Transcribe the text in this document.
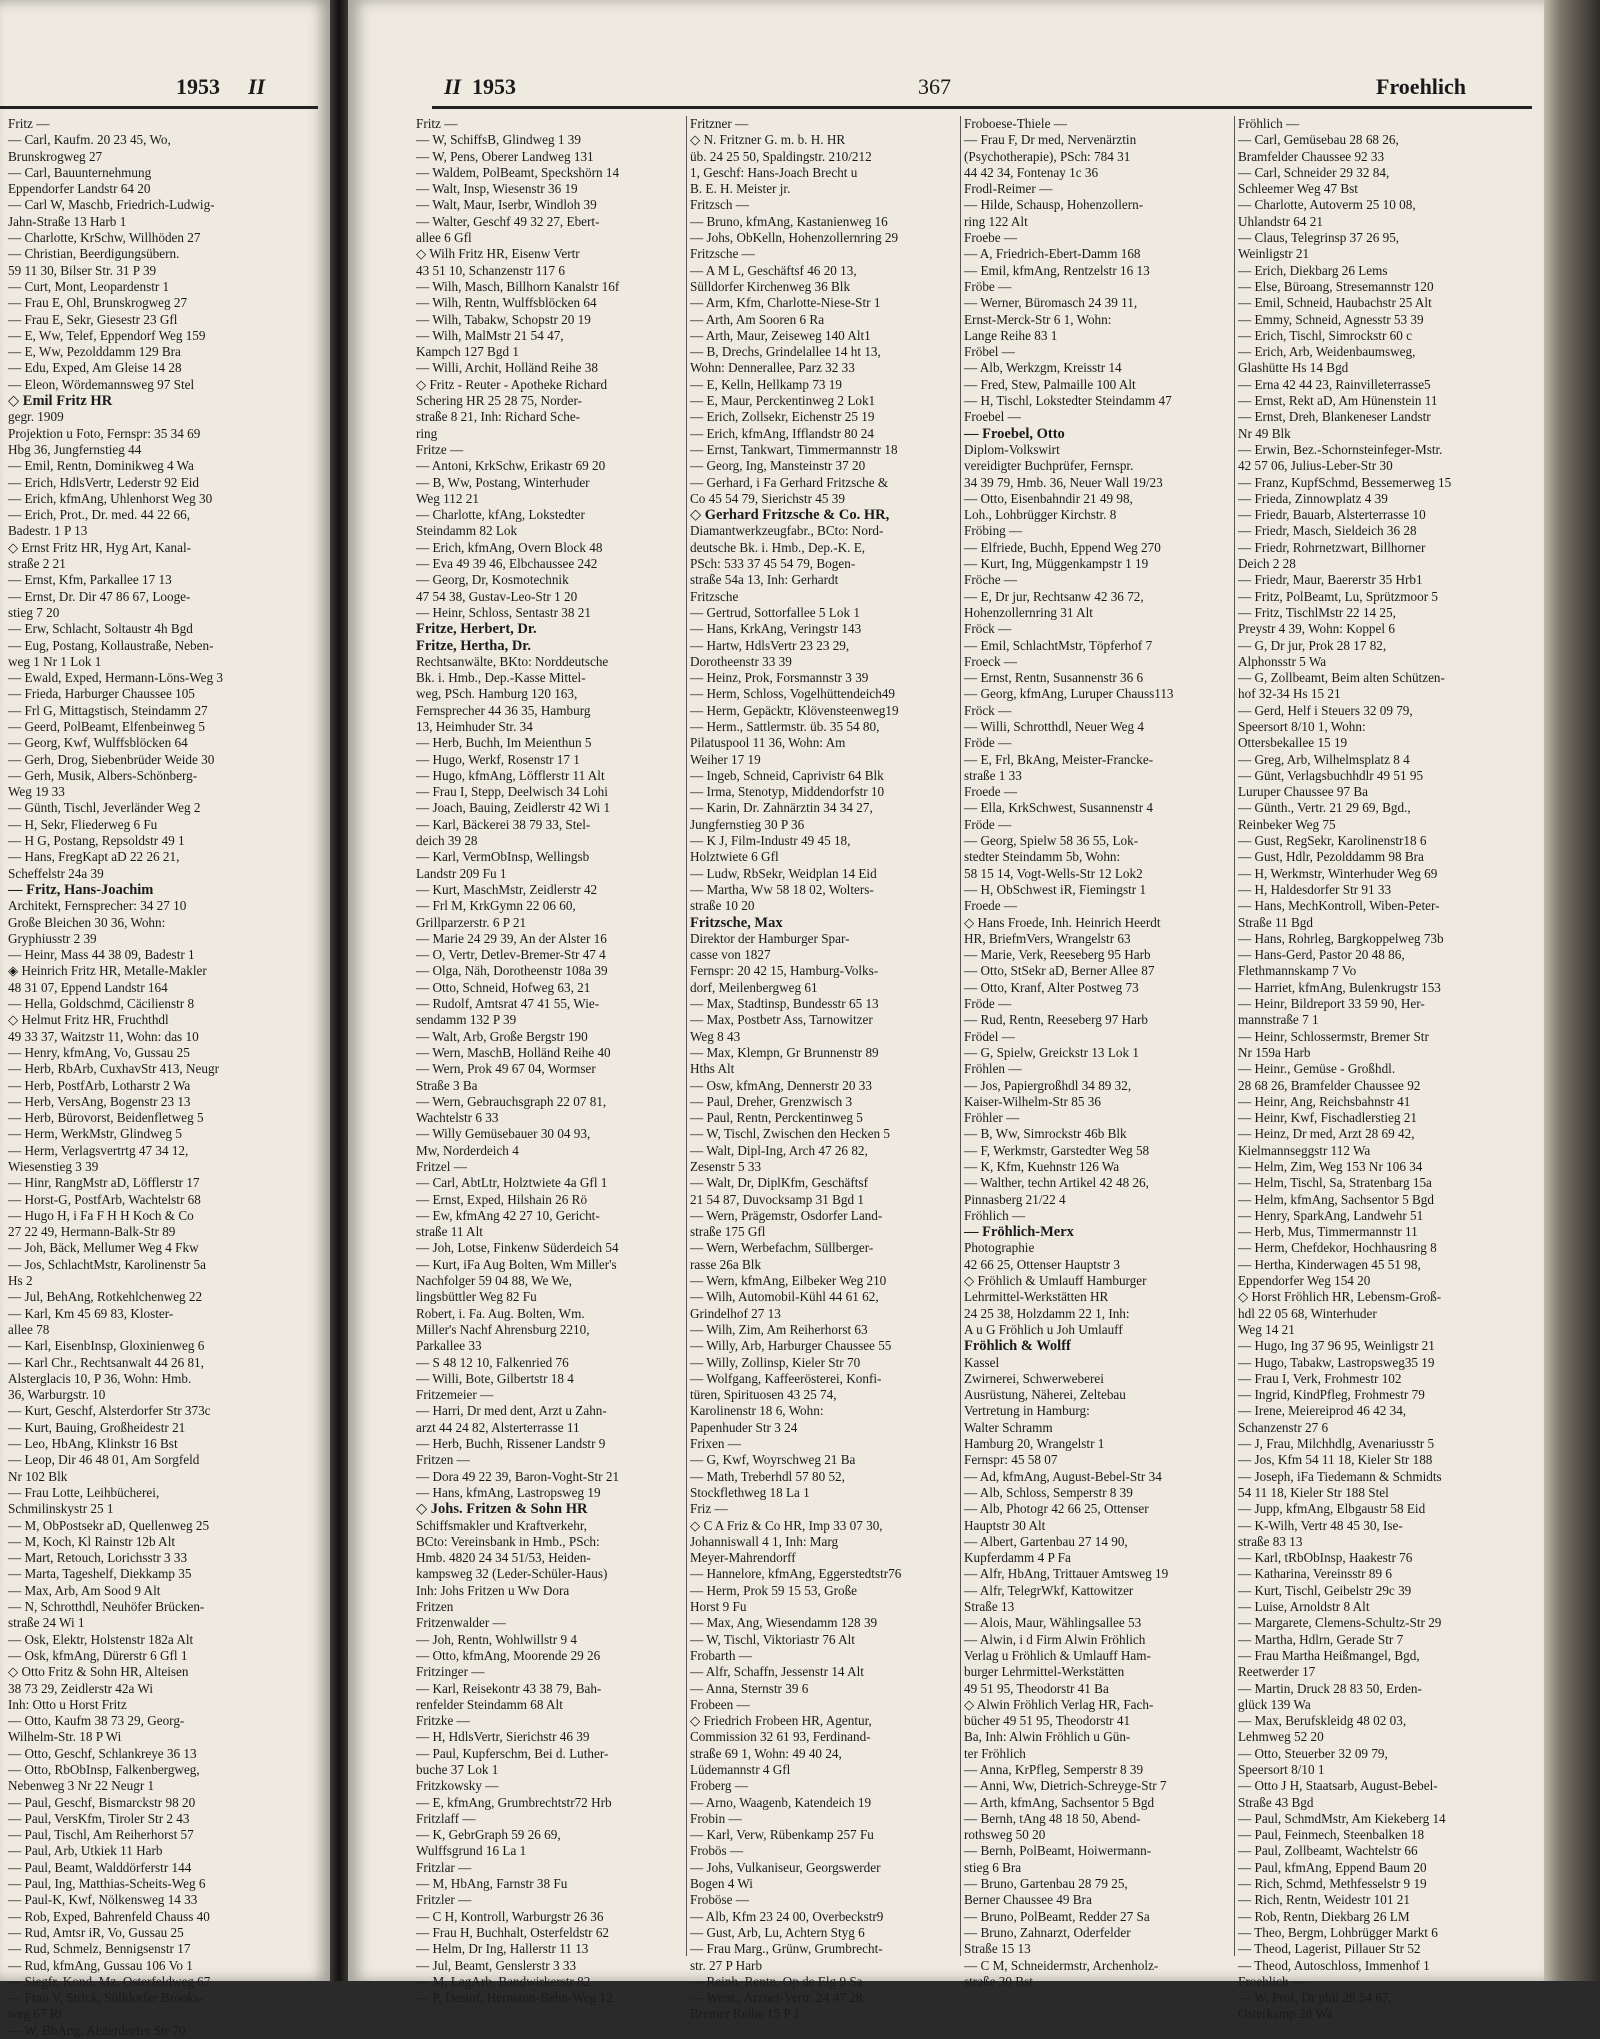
1953 II
Fritz —
— Carl, Kaufm. 20 23 45, Wo,
Brunskrogweg 27
— Carl, Bauunternehmung
Eppendorfer Landstr 64 20
— Carl W, Maschb, Friedrich-Ludwig-
Jahn-Straße 13 Harb 1
— Charlotte, KrSchw, Willhöden 27
— Christian, Beerdigungsübern.
59 11 30, Bilser Str. 31 P 39
— Curt, Mont, Leopardenstr 1
— Frau E, Ohl, Brunskrogweg 27
— Frau E, Sekr, Giesestr 23 Gfl
— E, Ww, Telef, Eppendorf Weg 159
— E, Ww, Pezolddamm 129 Bra
— Edu, Exped, Am Gleise 14 28
— Eleon, Wördemannsweg 97 Stel
◇ Emil Fritz HR
gegr. 1909
Projektion u Foto, Fernspr: 35 34 69
Hbg 36, Jungfernstieg 44
— Emil, Rentn, Dominikweg 4 Wa
— Erich, HdlsVertr, Lederstr 92 Eid
— Erich, kfmAng, Uhlenhorst Weg 30
— Erich, Prot., Dr. med. 44 22 66,
Badestr. 1 P 13
◇ Ernst Fritz HR, Hyg Art, Kanal-
straße 2 21
— Ernst, Kfm, Parkallee 17 13
— Ernst, Dr. Dir 47 86 67, Looge-
stieg 7 20
— Erw, Schlacht, Soltaustr 4h Bgd
— Eug, Postang, Kollaustraße, Neben-
weg 1 Nr 1 Lok 1
— Ewald, Exped, Hermann-Löns-Weg 3
— Frieda, Harburger Chaussee 105
— Frl G, Mittagstisch, Steindamm 27
— Geerd, PolBeamt, Elfenbeinweg 5
— Georg, Kwf, Wulffsblöcken 64
— Gerh, Drog, Siebenbrüder Weide 30
— Gerh, Musik, Albers-Schönberg-
Weg 19 33
— Günth, Tischl, Jeverländer Weg 2
— H, Sekr, Fliederweg 6 Fu
— H G, Postang, Repsoldstr 49 1
— Hans, FregKapt aD 22 26 21,
Scheffelstr 24a 39
— Fritz, Hans-Joachim
Architekt, Fernsprecher: 34 27 10
Große Bleichen 30 36, Wohn:
Gryphiusstr 2 39
— Heinr, Mass 44 38 09, Badestr 1
◈ Heinrich Fritz HR, Metalle-Makler
48 31 07, Eppend Landstr 164
— Hella, Goldschmd, Cäcilienstr 8
◇ Helmut Fritz HR, Fruchthdl
49 33 37, Waitzstr 11, Wohn: das 10
— Henry, kfmAng, Vo, Gussau 25
— Herb, RbArb, CuxhavStr 413, Neugr
— Herb, PostfArb, Lotharstr 2 Wa
— Herb, VersAng, Bogenstr 23 13
— Herb, Bürovorst, Beidenfletweg 5
— Herm, WerkMstr, Glindweg 5
— Herm, Verlagsvertrtg 47 34 12,
Wiesenstieg 3 39
— Hinr, RangMstr aD, Löfflerstr 17
— Horst-G, PostfArb, Wachtelstr 68
— Hugo H, i Fa F H H Koch & Co
27 22 49, Hermann-Balk-Str 89
— Joh, Bäck, Mellumer Weg 4 Fkw
— Jos, SchlachtMstr, Karolinenstr 5a
Hs 2
— Jul, BehAng, Rotkehlchenweg 22
— Karl, Km 45 69 83, Kloster-
allee 78
— Karl, EisenbInsp, Gloxinienweg 6
— Karl Chr., Rechtsanwalt 44 26 81,
Alsterglacis 10, P 36, Wohn: Hmb.
36, Warburgstr. 10
— Kurt, Geschf, Alsterdorfer Str 373c
— Kurt, Bauing, Großheidestr 21
— Leo, HbAng, Klinkstr 16 Bst
— Leop, Dir 46 48 01, Am Sorgfeld
Nr 102 Blk
— Frau Lotte, Leihbücherei,
Schmilinskystr 25 1
— M, ObPostsekr aD, Quellenweg 25
— M, Koch, Kl Rainstr 12b Alt
— Mart, Retouch, Lorichsstr 3 33
— Marta, Tageshelf, Diekkamp 35
— Max, Arb, Am Sood 9 Alt
— N, Schrotthdl, Neuhöfer Brücken-
straße 24 Wi 1
— Osk, Elektr, Holstenstr 182a Alt
— Osk, kfmAng, Dürerstr 6 Gfl 1
◇ Otto Fritz & Sohn HR, Alteisen
38 73 29, Zeidlerstr 42a Wi
Inh: Otto u Horst Fritz
— Otto, Kaufm 38 73 29, Georg-
Wilhelm-Str. 18 P Wi
— Otto, Geschf, Schlankreye 36 13
— Otto, RbObInsp, Falkenbergweg,
Nebenweg 3 Nr 22 Neugr 1
— Paul, Geschf, Bismarckstr 98 20
— Paul, VersKfm, Tiroler Str 2 43
— Paul, Tischl, Am Reiherhorst 57
— Paul, Arb, Utkiek 11 Harb
— Paul, Beamt, Walddörferstr 144
— Paul, Ing, Matthias-Scheits-Weg 6
— Paul-K, Kwf, Nölkensweg 14 33
— Rob, Exped, Bahrenfeld Chauss 40
— Rud, Amtsr iR, Vo, Gussau 25
— Rud, Schmelz, Bennigsenstr 17
— Rud, kfmAng, Gussau 106 Vo 1
— Siegfr, Kond, Mz, Osterfeldweg 67
— Frau V, Strick, Sülldorfer Brooks-
weg 67 Ri
— W, BbAng, Alsterdorfer Str 70
II 1953	367	Froehlich
Fritz —
— W, SchiffsB, Glindweg 1 39
— W, Pens, Oberer Landweg 131
— Waldem, PolBeamt, Speckshörn 14
— Walt, Insp, Wiesenstr 36 19
— Walt, Maur, Iserbr, Windloh 39
— Walter, Geschf 49 32 27, Ebert-
allee 6 Gfl
◇ Wilh Fritz HR, Eisenw Vertr
43 51 10, Schanzenstr 117 6
— Wilh, Masch, Billhorn Kanalstr 16f
— Wilh, Rentn, Wulffsblöcken 64
— Wilh, Tabakw, Schopstr 20 19
— Wilh, MalMstr 21 54 47,
Kampch 127 Bgd 1
— Willi, Archit, Holländ Reihe 38
◇ Fritz - Reuter - Apotheke Richard
Schering HR 25 28 75, Norder-
straße 8 21, Inh: Richard Sche-
ring
Fritze —
— Antoni, KrkSchw, Erikastr 69 20
— B, Ww, Postang, Winterhuder
Weg 112 21
— Charlotte, kfAng, Lokstedter
Steindamm 82 Lok
— Erich, kfmAng, Overn Block 48
— Eva 49 39 46, Elbchaussee 242
— Georg, Dr, Kosmotechnik
47 54 38, Gustav-Leo-Str 1 20
— Heinr, Schloss, Sentastr 38 21
Fritze, Herbert, Dr.
Fritze, Hertha, Dr.
Rechtsanwälte, BKto: Norddeutsche
Bk. i. Hmb., Dep.-Kasse Mittel-
weg, PSch. Hamburg 120 163,
Fernsprecher 44 36 35, Hamburg
13, Heimhuder Str. 34
— Herb, Buchh, Im Meienthun 5
— Hugo, Werkf, Rosenstr 17 1
— Hugo, kfmAng, Löfflerstr 11 Alt
— Frau I, Stepp, Deelwisch 34 Lohi
— Joach, Bauing, Zeidlerstr 42 Wi 1
— Karl, Bäckerei 38 79 33, Stel-
deich 39 28
— Karl, VermObInsp, Wellingsb
Landstr 209 Fu 1
— Kurt, MaschMstr, Zeidlerstr 42
— Frl M, KrkGymn 22 06 60,
Grillparzerstr. 6 P 21
— Marie 24 29 39, An der Alster 16
— O, Vertr, Detlev-Bremer-Str 47 4
— Olga, Näh, Dorotheenstr 108a 39
— Otto, Schneid, Hofweg 63, 21
— Rudolf, Amtsrat 47 41 55, Wie-
sendamm 132 P 39
— Walt, Arb, Große Bergstr 190
— Wern, MaschB, Holländ Reihe 40
— Wern, Prok 49 67 04, Wormser
Straße 3 Ba
— Wern, Gebrauchsgraph 22 07 81,
Wachtelstr 6 33
— Willy Gemüsebauer 30 04 93,
Mw, Norderdeich 4
Fritzel —
— Carl, AbtLtr, Holztwiete 4a Gfl 1
— Ernst, Exped, Hilshain 26 Rö
— Ew, kfmAng 42 27 10, Gericht-
straße 11 Alt
— Joh, Lotse, Finkenw Süderdeich 54
— Kurt, iFa Aug Bolten, Wm Miller's
Nachfolger 59 04 88, We We,
lingsbüttler Weg 82 Fu
Robert, i. Fa. Aug. Bolten, Wm.
Miller's Nachf Ahrensburg 2210,
Parkallee 33
— S 48 12 10, Falkenried 76
— Willi, Bote, Gilbertstr 18 4
Fritzemeier —
— Harri, Dr med dent, Arzt u Zahn-
arzt 44 24 82, Alsterterrasse 11
— Herb, Buchh, Rissener Landstr 9
Fritzen —
— Dora 49 22 39, Baron-Voght-Str 21
— Hans, kfmAng, Lastropsweg 19
◇ Johs. Fritzen & Sohn HR
Schiffsmakler und Kraftverkehr,
BCto: Vereinsbank in Hmb., PSch:
Hmb. 4820 24 34 51/53, Heiden-
kampsweg 32 (Leder-Schüler-Haus)
Inh: Johs Fritzen u Ww Dora
Fritzen
Fritzenwalder —
— Joh, Rentn, Wohlwillstr 9 4
— Otto, kfmAng, Moorende 29 26
Fritzinger —
— Karl, Reisekontr 43 38 79, Bah-
renfelder Steindamm 68 Alt
Fritzke —
— H, HdlsVertr, Sierichstr 46 39
— Paul, Kupferschm, Bei d. Luther-
buche 37 Lok 1
Fritzkowsky —
— E, kfmAng, Grumbrechtstr72 Hrb
Fritzlaff —
— K, GebrGraph 59 26 69,
Wulffsgrund 16 La 1
Fritzlar —
— M, HbAng, Farnstr 38 Fu
Fritzler —
— C H, Kontroll, Warburgstr 26 36
— Frau H, Buchhalt, Osterfeldstr 62
— Helm, Dr Ing, Hallerstr 11 13
— Jul, Beamt, Genslerstr 3 33
— M, LagArb, Bandwirkerstr 82
— P, Desinf, Hermann-Behn-Weg 12
Fritzner —
◇ N. Fritzner G. m. b. H. HR
üb. 24 25 50, Spaldingstr. 210/212
1, Geschf: Hans-Joach Brecht u
B. E. H. Meister jr.
Fritzsch —
— Bruno, kfmAng, Kastanienweg 16
— Johs, ObKelln, Hohenzollernring 29
Fritzsche —
— A M L, Geschäftsf 46 20 13,
Sülldorfer Kirchenweg 36 Blk
— Arm, Kfm, Charlotte-Niese-Str 1
— Arth, Am Sooren 6 Ra
— Arth, Maur, Zeiseweg 140 Alt1
— B, Drechs, Grindelallee 14 ht 13,
Wohn: Dennerallee, Parz 32 33
— E, Kelln, Hellkamp 73 19
— E, Maur, Perckentinweg 2 Lok1
— Erich, Zollsekr, Eichenstr 25 19
— Erich, kfmAng, Ifflandstr 80 24
— Ernst, Tankwart, Timmermannstr 18
— Georg, Ing, Mansteinstr 37 20
— Gerhard, i Fa Gerhard Fritzsche &
Co 45 54 79, Sierichstr 45 39
◇ Gerhard Fritzsche & Co. HR,
Diamantwerkzeugfabr., BCto: Nord-
deutsche Bk. i. Hmb., Dep.-K. E,
PSch: 533 37 45 54 79, Bogen-
straße 54a 13, Inh: Gerhardt
Fritzsche
— Gertrud, Sottorfallee 5 Lok 1
— Hans, KrkAng, Veringstr 143
— Hartw, HdlsVertr 23 23 29,
Dorotheenstr 33 39
— Heinz, Prok, Forsmannstr 3 39
— Herm, Schloss, Vogelhüttendeich49
— Herm, Gepäcktr, Klövensteenweg19
— Herm., Sattlermstr. üb. 35 54 80,
Pilatuspool 11 36, Wohn: Am
Weiher 17 19
— Ingeb, Schneid, Caprivistr 64 Blk
— Irma, Stenotyp, Middendorfstr 10
— Karin, Dr. Zahnärztin 34 34 27,
Jungfernstieg 30 P 36
— K J, Film-Industr 49 45 18,
Holztwiete 6 Gfl
— Ludw, RbSekr, Weidplan 14 Eid
— Martha, Ww 58 18 02, Wolters-
straße 10 20
Fritzsche, Max
Direktor der Hamburger Spar-
casse von 1827
Fernspr: 20 42 15, Hamburg-Volks-
dorf, Meilenbergweg 61
— Max, Stadtinsp, Bundesstr 65 13
— Max, Postbetr Ass, Tarnowitzer
Weg 8 43
— Max, Klempn, Gr Brunnenstr 89
Hths Alt
— Osw, kfmAng, Dennerstr 20 33
— Paul, Dreher, Grenzwisch 3
— Paul, Rentn, Perckentinweg 5
— W, Tischl, Zwischen den Hecken 5
— Walt, Dipl-Ing, Arch 47 26 82,
Zesenstr 5 33
— Walt, Dr, DiplKfm, Geschäftsf
21 54 87, Duvocksamp 31 Bgd 1
— Wern, Prägemstr, Osdorfer Land-
straße 175 Gfl
— Wern, Werbefachm, Süllberger-
rasse 26a Blk
— Wern, kfmAng, Eilbeker Weg 210
— Wilh, Automobil-Kühl 44 61 62,
Grindelhof 27 13
— Wilh, Zim, Am Reiherhorst 63
— Willy, Arb, Harburger Chaussee 55
— Willy, Zollinsp, Kieler Str 70
— Wolfgang, Kaffeerösterei, Konfi-
türen, Spirituosen 43 25 74,
Karolinenstr 18 6, Wohn:
Papenhuder Str 3 24
Frixen —
— G, Kwf, Woyrschweg 21 Ba
— Math, Treberhdl 57 80 52,
Stockflethweg 18 La 1
Friz —
◇ C A Friz & Co HR, Imp 33 07 30,
Johanniswall 4 1, Inh: Marg
Meyer-Mahrendorff
— Hannelore, kfmAng, Eggerstedtstr76
— Herm, Prok 59 15 53, Große
Horst 9 Fu
— Max, Ang, Wiesendamm 128 39
— W, Tischl, Viktoriastr 76 Alt
Frobarth —
— Alfr, Schaffn, Jessenstr 14 Alt
— Anna, Sternstr 39 6
Frobeen —
◇ Friedrich Frobeen HR, Agentur,
Commission 32 61 93, Ferdinand-
straße 69 1, Wohn: 49 40 24,
Lüdemannstr 4 Gfl
Froberg —
— Arno, Waagenb, Katendeich 19
Frobin —
— Karl, Verw, Rübenkamp 257 Fu
Frobös —
— Johs, Vulkaniseur, Georgswerder
Bogen 4 Wi
Froböse —
— Alb, Kfm 23 24 00, Overbeckstr9
— Gust, Arb, Lu, Achtern Styg 6
— Frau Marg., Grünw, Grumbrecht-
str. 27 P Harb
— Reinh, Rentn, Op de Elg 9 Sa
— Wern., Arznei-Vertr. 24 47 28,
Bremer Reihe 15 P 1
Froboese-Thiele —
— Frau F, Dr med, Nervenärztin
(Psychotherapie), PSch: 784 31
44 42 34, Fontenay 1c 36
Frodl-Reimer —
— Hilde, Schausp, Hohenzollern-
ring 122 Alt
Froebe —
— A, Friedrich-Ebert-Damm 168
— Emil, kfmAng, Rentzelstr 16 13
Fröbe —
— Werner, Büromasch 24 39 11,
Ernst-Merck-Str 6 1, Wohn:
Lange Reihe 83 1
Fröbel —
— Alb, Werkzgm, Kreisstr 14
— Fred, Stew, Palmaille 100 Alt
— H, Tischl, Lokstedter Steindamm 47
Froebel —
— Froebel, Otto
Diplom-Volkswirt
vereidigter Buchprüfer, Fernspr.
34 39 79, Hmb. 36, Neuer Wall 19/23
— Otto, Eisenbahndir 21 49 98,
Loh., Lohbrügger Kirchstr. 8
Fröbing —
— Elfriede, Buchh, Eppend Weg 270
— Kurt, Ing, Müggenkampstr 1 19
Fröche —
— E, Dr jur, Rechtsanw 42 36 72,
Hohenzollernring 31 Alt
Fröck —
— Emil, SchlachtMstr, Töpferhof 7
Froeck —
— Ernst, Rentn, Susannenstr 36 6
— Georg, kfmAng, Luruper Chauss113
Fröck —
— Willi, Schrotthdl, Neuer Weg 4
Fröde —
— E, Frl, BkAng, Meister-Francke-
straße 1 33
Froede —
— Ella, KrkSchwest, Susannenstr 4
Fröde —
— Georg, Spielw 58 36 55, Lok-
stedter Steindamm 5b, Wohn:
58 15 14, Vogt-Wells-Str 12 Lok2
— H, ObSchwest iR, Fiemingstr 1
Froede —
◇ Hans Froede, Inh. Heinrich Heerdt
HR, BriefmVers, Wrangelstr 63
— Marie, Verk, Reeseberg 95 Harb
— Otto, StSekr aD, Berner Allee 87
— Otto, Kranf, Alter Postweg 73
Fröde —
— Rud, Rentn, Reeseberg 97 Harb
Frödel —
— G, Spielw, Greickstr 13 Lok 1
Fröhlen —
— Jos, Papiergroßhdl 34 89 32,
Kaiser-Wilhelm-Str 85 36
Fröhler —
— B, Ww, Simrockstr 46b Blk
— F, Werkmstr, Garstedter Weg 58
— K, Kfm, Kuehnstr 126 Wa
— Walther, techn Artikel 42 48 26,
Pinnasberg 21/22 4
Fröhlich —
— Fröhlich-Merx
Photographie
42 66 25, Ottenser Hauptstr 3
◇ Fröhlich & Umlauff Hamburger
Lehrmittel-Werkstätten HR
24 25 38, Holzdamm 22 1, Inh:
A u G Fröhlich u Joh Umlauff
Fröhlich & Wolff
Kassel
Zwirnerei, Schwerweberei
Ausrüstung, Näherei, Zeltebau
Vertretung in Hamburg:
Walter Schramm
Hamburg 20, Wrangelstr 1
Fernspr: 45 58 07
— Ad, kfmAng, August-Bebel-Str 34
— Alb, Schloss, Semperstr 8 39
— Alb, Photogr 42 66 25, Ottenser
Hauptstr 30 Alt
— Albert, Gartenbau 27 14 90,
Kupferdamm 4 P Fa
— Alfr, HbAng, Trittauer Amtsweg 19
— Alfr, TelegrWkf, Kattowitzer
Straße 13
— Alois, Maur, Wählingsallee 53
— Alwin, i d Firm Alwin Fröhlich
Verlag u Fröhlich & Umlauff Ham-
burger Lehrmittel-Werkstätten
49 51 95, Theodorstr 41 Ba
◇ Alwin Fröhlich Verlag HR, Fach-
bücher 49 51 95, Theodorstr 41
Ba, Inh: Alwin Fröhlich u Gün-
ter Fröhlich
— Anna, KrPfleg, Semperstr 8 39
— Anni, Ww, Dietrich-Schreyge-Str 7
— Arth, kfmAng, Sachsentor 5 Bgd
— Bernh, tAng 48 18 50, Abend-
rothsweg 50 20
— Bernh, PolBeamt, Hoiwermann-
stieg 6 Bra
— Bruno, Gartenbau 28 79 25,
Berner Chaussee 49 Bra
— Bruno, PolBeamt, Redder 27 Sa
— Bruno, Zahnarzt, Oderfelder
Straße 15 13
— C M, Schneidermstr, Archenholz-
straße 30 Bst
Fröhlich —
— Carl, Gemüsebau 28 68 26,
Bramfelder Chaussee 92 33
— Carl, Schneider 29 32 84,
Schleemer Weg 47 Bst
— Charlotte, Autoverm 25 10 08,
Uhlandstr 64 21
— Claus, Telegrinsp 37 26 95,
Weinligstr 21
— Erich, Diekbarg 26 Lems
— Else, Büroang, Stresemannstr 120
— Emil, Schneid, Haubachstr 25 Alt
— Emmy, Schneid, Agnesstr 53 39
— Erich, Tischl, Simrockstr 60 c
— Erich, Arb, Weidenbaumsweg,
Glashütte Hs 14 Bgd
— Erna 42 44 23, Rainvilleterrasse5
— Ernst, Rekt aD, Am Hünenstein 11
— Ernst, Dreh, Blankeneser Landstr
Nr 49 Blk
— Erwin, Bez.-Schornsteinfeger-Mstr.
42 57 06, Julius-Leber-Str 30
— Franz, KupfSchmd, Bessemerweg 15
— Frieda, Zinnowplatz 4 39
— Friedr, Bauarb, Alsterterrasse 10
— Friedr, Masch, Sieldeich 36 28
— Friedr, Rohrnetzwart, Billhorner
Deich 2 28
— Friedr, Maur, Baererstr 35 Hrb1
— Fritz, PolBeamt, Lu, Sprützmoor 5
— Fritz, TischlMstr 22 14 25,
Preystr 4 39, Wohn: Koppel 6
— G, Dr jur, Prok 28 17 82,
Alphonsstr 5 Wa
— G, Zollbeamt, Beim alten Schützen-
hof 32-34 Hs 15 21
— Gerd, Helf i Steuers 32 09 79,
Speersort 8/10 1, Wohn:
Ottersbekallee 15 19
— Greg, Arb, Wilhelmsplatz 8 4
— Günt, Verlagsbuchhdlr 49 51 95
Luruper Chaussee 97 Ba
— Günth., Vertr. 21 29 69, Bgd.,
Reinbeker Weg 75
— Gust, RegSekr, Karolinenstr18 6
— Gust, Hdlr, Pezolddamm 98 Bra
— H, Werkmstr, Winterhuder Weg 69
— H, Haldesdorfer Str 91 33
— Hans, MechKontroll, Wiben-Peter-
Straße 11 Bgd
— Hans, Rohrleg, Bargkoppelweg 73b
— Hans-Gerd, Pastor 20 48 86,
Flethmannskamp 7 Vo
— Harriet, kfmAng, Bulenkrugstr 153
— Heinr, Bildreport 33 59 90, Her-
mannstraße 7 1
— Heinr, Schlossermstr, Bremer Str
Nr 159a Harb
— Heinr., Gemüse - Großhdl.
28 68 26, Bramfelder Chaussee 92
— Heinr, Ang, Reichsbahnstr 41
— Heinr, Kwf, Fischadlerstieg 21
— Heinz, Dr med, Arzt 28 69 42,
Kielmannseggstr 112 Wa
— Helm, Zim, Weg 153 Nr 106 34
— Helm, Tischl, Sa, Stratenbarg 15a
— Helm, kfmAng, Sachsentor 5 Bgd
— Henry, SparkAng, Landwehr 51
— Herb, Mus, Timmermannstr 11
— Herm, Chefdekor, Hochhausring 8
— Hertha, Kinderwagen 45 51 98,
Eppendorfer Weg 154 20
◇ Horst Fröhlich HR, Lebensm-Groß-
hdl 22 05 68, Winterhuder
Weg 14 21
— Hugo, Ing 37 96 95, Weinligstr 21
— Hugo, Tabakw, Lastropsweg35 19
— Frau I, Verk, Frohmestr 102
— Ingrid, KindPfleg, Frohmestr 79
— Irene, Meiereiprod 46 42 34,
Schanzenstr 27 6
— J, Frau, Milchhdlg, Avenariusstr 5
— Jos, Kfm 54 11 18, Kieler Str 188
— Joseph, iFa Tiedemann & Schmidts
54 11 18, Kieler Str 188 Stel
— Jupp, kfmAng, Elbgaustr 58 Eid
— K-Wilh, Vertr 48 45 30, Ise-
straße 83 13
— Karl, tRbObInsp, Haakestr 76
— Katharina, Vereinsstr 89 6
— Kurt, Tischl, Geibelstr 29c 39
— Luise, Arnoldstr 8 Alt
— Margarete, Clemens-Schultz-Str 29
— Martha, Hdlrn, Gerade Str 7
— Frau Martha Heißmangel, Bgd,
Reetwerder 17
— Martin, Druck 28 83 50, Erden-
glück 139 Wa
— Max, Berufskleidg 48 02 03,
Lehmweg 52 20
— Otto, Steuerber 32 09 79,
Speersort 8/10 1
— Otto J H, Staatsarb, August-Bebel-
Straße 43 Bgd
— Paul, SchmdMstr, Am Kiekeberg 14
— Paul, Feinmech, Steenbalken 18
— Paul, Zollbeamt, Wachtelstr 66
— Paul, kfmAng, Eppend Baum 20
— Rich, Schmd, Methfesselstr 9 19
— Rich, Rentn, Weidestr 101 21
— Rob, Rentn, Diekbarg 26 LM
— Theo, Bergm, Lohbrügger Markt 6
— Theod, Lagerist, Pillauer Str 52
— Theod, Autoschloss, Immenhof 1
Froehlich —
— W, Prof, Dr phil 28 54 67,
Osterkamp 28 Wa
